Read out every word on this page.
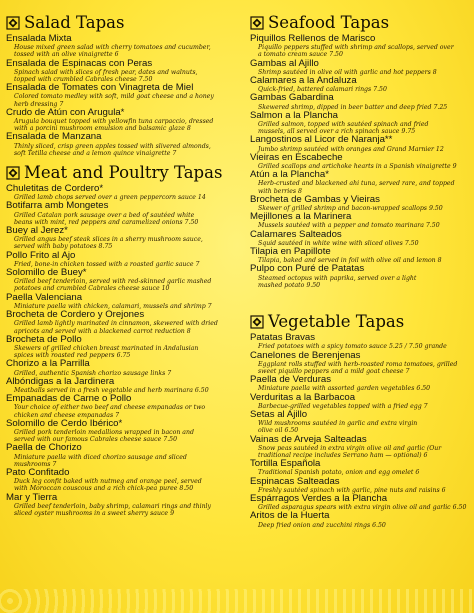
Salad Tapas
Ensalada Mixta
House mixed green salad with cherry tomatoes and cucumber,
tossed with an olive vinaigrette 6
Ensalada de Espinacas con Peras
Spinach salad with slices of fresh pear, dates and walnuts,
topped with crumbled Cabrales cheese 7.50
Ensalada de Tomates con Vinagreta de Miel
Colored tomato medley with soft, mild goat cheese and a honey
herb dressing 7
Crudo de Atún con Arugula*
Arugula bouquet topped with yellowfin tuna carpaccio, dressed
with a porcini mushroom emulsion and balsamic glaze 8
Ensalada de Manzana
Thinly sliced, crisp green apples tossed with slivered almonds,
soft Tetilla cheese and a lemon quince vinaigrette 7
Meat and Poultry Tapas
Chuletitas de Cordero*
Grilled lamb chops served over a green peppercorn sauce 14
Botifarra amb Mongetes
Grilled Catalan pork sausage over a bed of sautéed white
beans with mint, red peppers and caramelized onions 7.50
Buey al Jerez*
Grilled angus beef steak slices in a sherry mushroom sauce,
served with baby potatoes 8.75
Pollo Frito al Ajo
Fried, bone-in chicken tossed with a roasted garlic sauce 7
Solomillo de Buey*
Grilled beef tenderloin, served with red-skinned garlic mashed
potatoes and crumbled Cabrales cheese sauce 10
Paella Valenciana
Miniature paella with chicken, calamari, mussels and shrimp 7
Brocheta de Cordero y Orejones
Grilled lamb lightly marinated in cinnamon, skewered with dried
apricots and served with a blackened carrot reduction 8
Brocheta de Pollo
Skewers of grilled chicken breast marinated in Andalusian
spices with roasted red peppers 6.75
Chorizo a la Parrilla
Grilled, authentic Spanish chorizo sausage links 7
Albóndigas a la Jardinera
Meatballs served in a fresh vegetable and herb marinara 6.50
Empanadas de Carne o Pollo
Your choice of either two beef and cheese empanadas or two
chicken and cheese empanadas 7
Solomillo de Cerdo Ibérico*
Grilled pork tenderloin medallions wrapped in bacon and
served with our famous Cabrales cheese sauce 7.50
Paella de Chorizo
Miniature paella with diced chorizo sausage and sliced
mushrooms 7
Pato Confitado
Duck leg confit baked with nutmeg and orange peel, served
with Moroccan couscous and a rich chick-pea puree 8.50
Mar y Tierra
Grilled beef tenderloin, baby shrimp, calamari rings and thinly
sliced oyster mushrooms in a sweet sherry sauce 9
Seafood Tapas
Piquillos Rellenos de Marisco
Piquillo peppers stuffed with shrimp and scallops, served over
a tomato cream sauce 7.50
Gambas al Ajillo
Shrimp sautéed in olive oil with garlic and hot peppers 8
Calamares a la Andaluza
Quick-fried, battered calamari rings 7.50
Gambas Gabardina
Skewered shrimp, dipped in beer batter and deep fried 7.25
Salmon a la Plancha
Grilled salmon, topped with sautéed spinach and fried
mussels, all served over a rich spinach sauce 9.75
Langostinos al Licor de Naranja**
Jumbo shrimp sautéed with oranges and Grand Marnier 12
Vieiras en Escabeche
Grilled scallops and artichoke hearts in a Spanish vinaigrette 9
Atún a la Plancha*
Herb-crusted and blackened ahi tuna, served rare, and topped
with berries 8
Brocheta de Gambas y Vieiras
Skewer of grilled shrimp and bacon-wrapped scallops 9.50
Mejillones a la Marinera
Mussels sautéed with a pepper and tomato marinara 7.50
Calamares Salteados
Squid sautéed in white wine with sliced olives 7.50
Tilapia en Papillote
Tilapia, baked and served in foil with olive oil and lemon 8
Pulpo con Puré de Patatas
Steamed octopus with paprika, served over a light
mashed potato 9.50
Vegetable Tapas
Patatas Bravas
Fried potatoes with a spicy tomato sauce 5.25 / 7.50 grande
Canelones de Berenjenas
Eggplant rolls stuffed with herb-roasted roma tomatoes, grilled
sweet piquillo peppers and a mild goat cheese 7
Paella de Verduras
Miniature paella with assorted garden vegetables 6.50
Verduritas a la Barbacoa
Barbecue-grilled vegetables topped with a fried egg 7
Setas al Ajillo
Wild mushrooms sautéed in garlic and extra virgin
olive oil 6.50
Vainas de Arveja Salteadas
Snow peas sautéed in extra virgin olive oil and garlic (Our
traditional recipe includes Serrano ham — optional) 6
Tortilla Española
Traditional Spanish potato, onion and egg omelet 6
Espinacas Salteadas
Freshly sautéed spinach with garlic, pine nuts and raisins 6
Espárragos Verdes a la Plancha
Grilled asparagus spears with extra virgin olive oil and garlic 6.50
Aritos de la Huerta
Deep fried onion and zucchini rings 6.50
